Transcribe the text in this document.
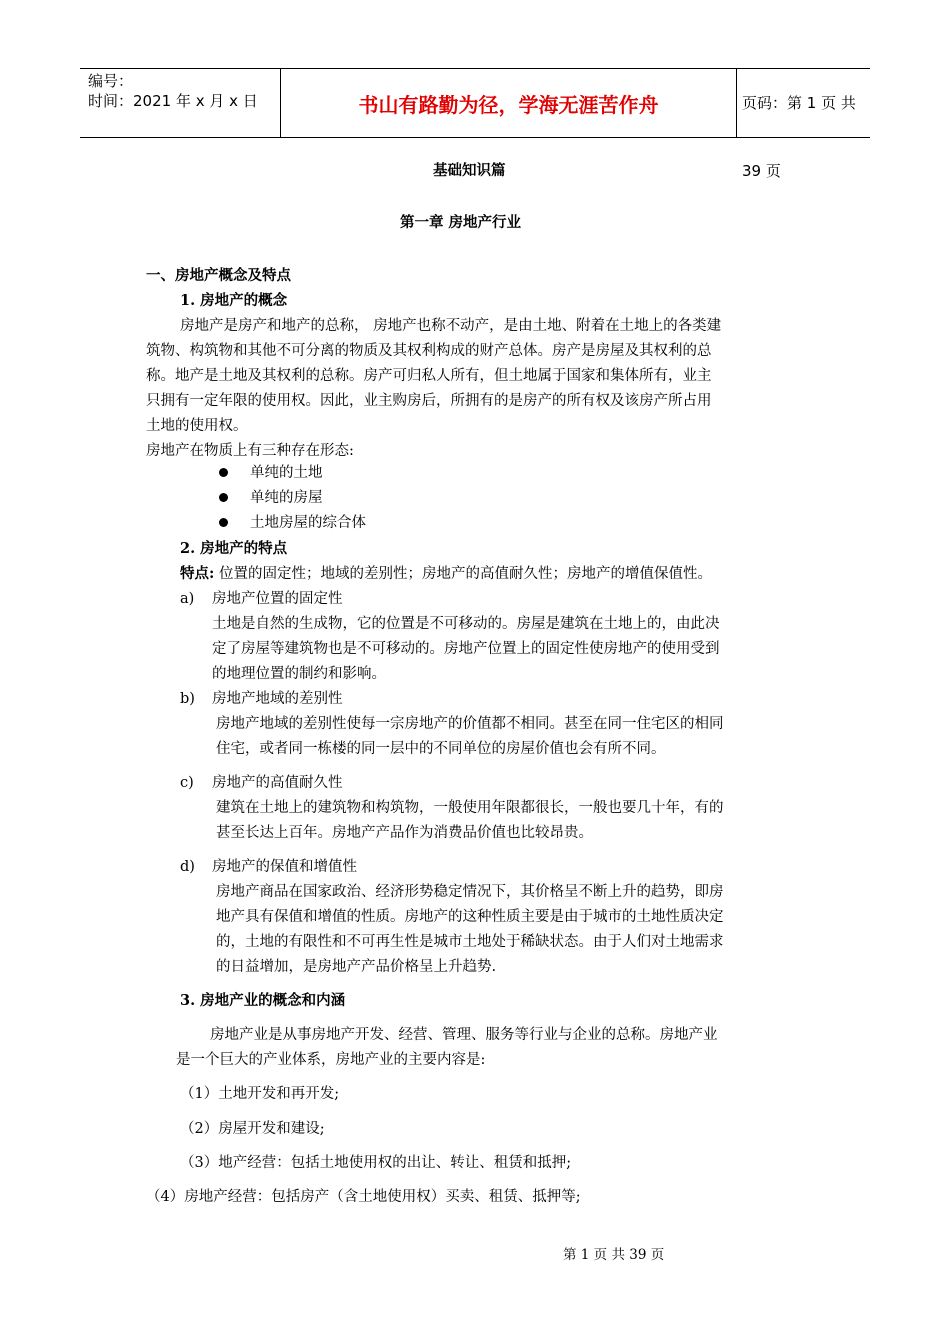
编号：
时间：2021 年 x 月 x 日	书山有路勤为径，学海无涯苦作舟	页码：第 1 页 共 39 页
基础知识篇
第一章 房地产行业
一、房地产概念及特点
1. 房地产的概念
房地产是房产和地产的总称， 房地产也称不动产，是由土地、附着在土地上的各类建
筑物、构筑物和其他不可分离的物质及其权利构成的财产总体。房产是房屋及其权利的总
称。地产是土地及其权利的总称。房产可归私人所有，但土地属于国家和集体所有，业主
只拥有一定年限的使用权。因此，业主购房后，所拥有的是房产的所有权及该房产所占用
土地的使用权。
房地产在物质上有三种存在形态:
单纯的土地
单纯的房屋
土地房屋的综合体
2. 房地产的特点
特点: 位置的固定性；地域的差别性；房地产的高值耐久性；房地产的增值保值性。
a) 房地产位置的固定性
土地是自然的生成物，它的位置是不可移动的。房屋是建筑在土地上的，由此决
定了房屋等建筑物也是不可移动的。房地产位置上的固定性使房地产的使用受到
的地理位置的制约和影响。
b) 房地产地域的差别性
房地产地域的差别性使每一宗房地产的价值都不相同。甚至在同一住宅区的相同
住宅，或者同一栋楼的同一层中的不同单位的房屋价值也会有所不同。
c) 房地产的高值耐久性
建筑在土地上的建筑物和构筑物，一般使用年限都很长，一般也要几十年，有的
甚至长达上百年。房地产产品作为消费品价值也比较昂贵。
d) 房地产的保值和增值性
房地产商品在国家政治、经济形势稳定情况下，其价格呈不断上升的趋势，即房
地产具有保值和增值的性质。房地产的这种性质主要是由于城市的土地性质决定
的，土地的有限性和不可再生性是城市土地处于稀缺状态。由于人们对土地需求
的日益增加，是房地产产品价格呈上升趋势.
3. 房地产业的概念和内涵
房地产业是从事房地产开发、经营、管理、服务等行业与企业的总称。房地产业
是一个巨大的产业体系，房地产业的主要内容是:
（1）土地开发和再开发;
（2）房屋开发和建设;
（3）地产经营：包括土地使用权的出让、转让、租赁和抵押;
（4）房地产经营：包括房产（含土地使用权）买卖、租赁、抵押等;
第 1 页 共 39 页
